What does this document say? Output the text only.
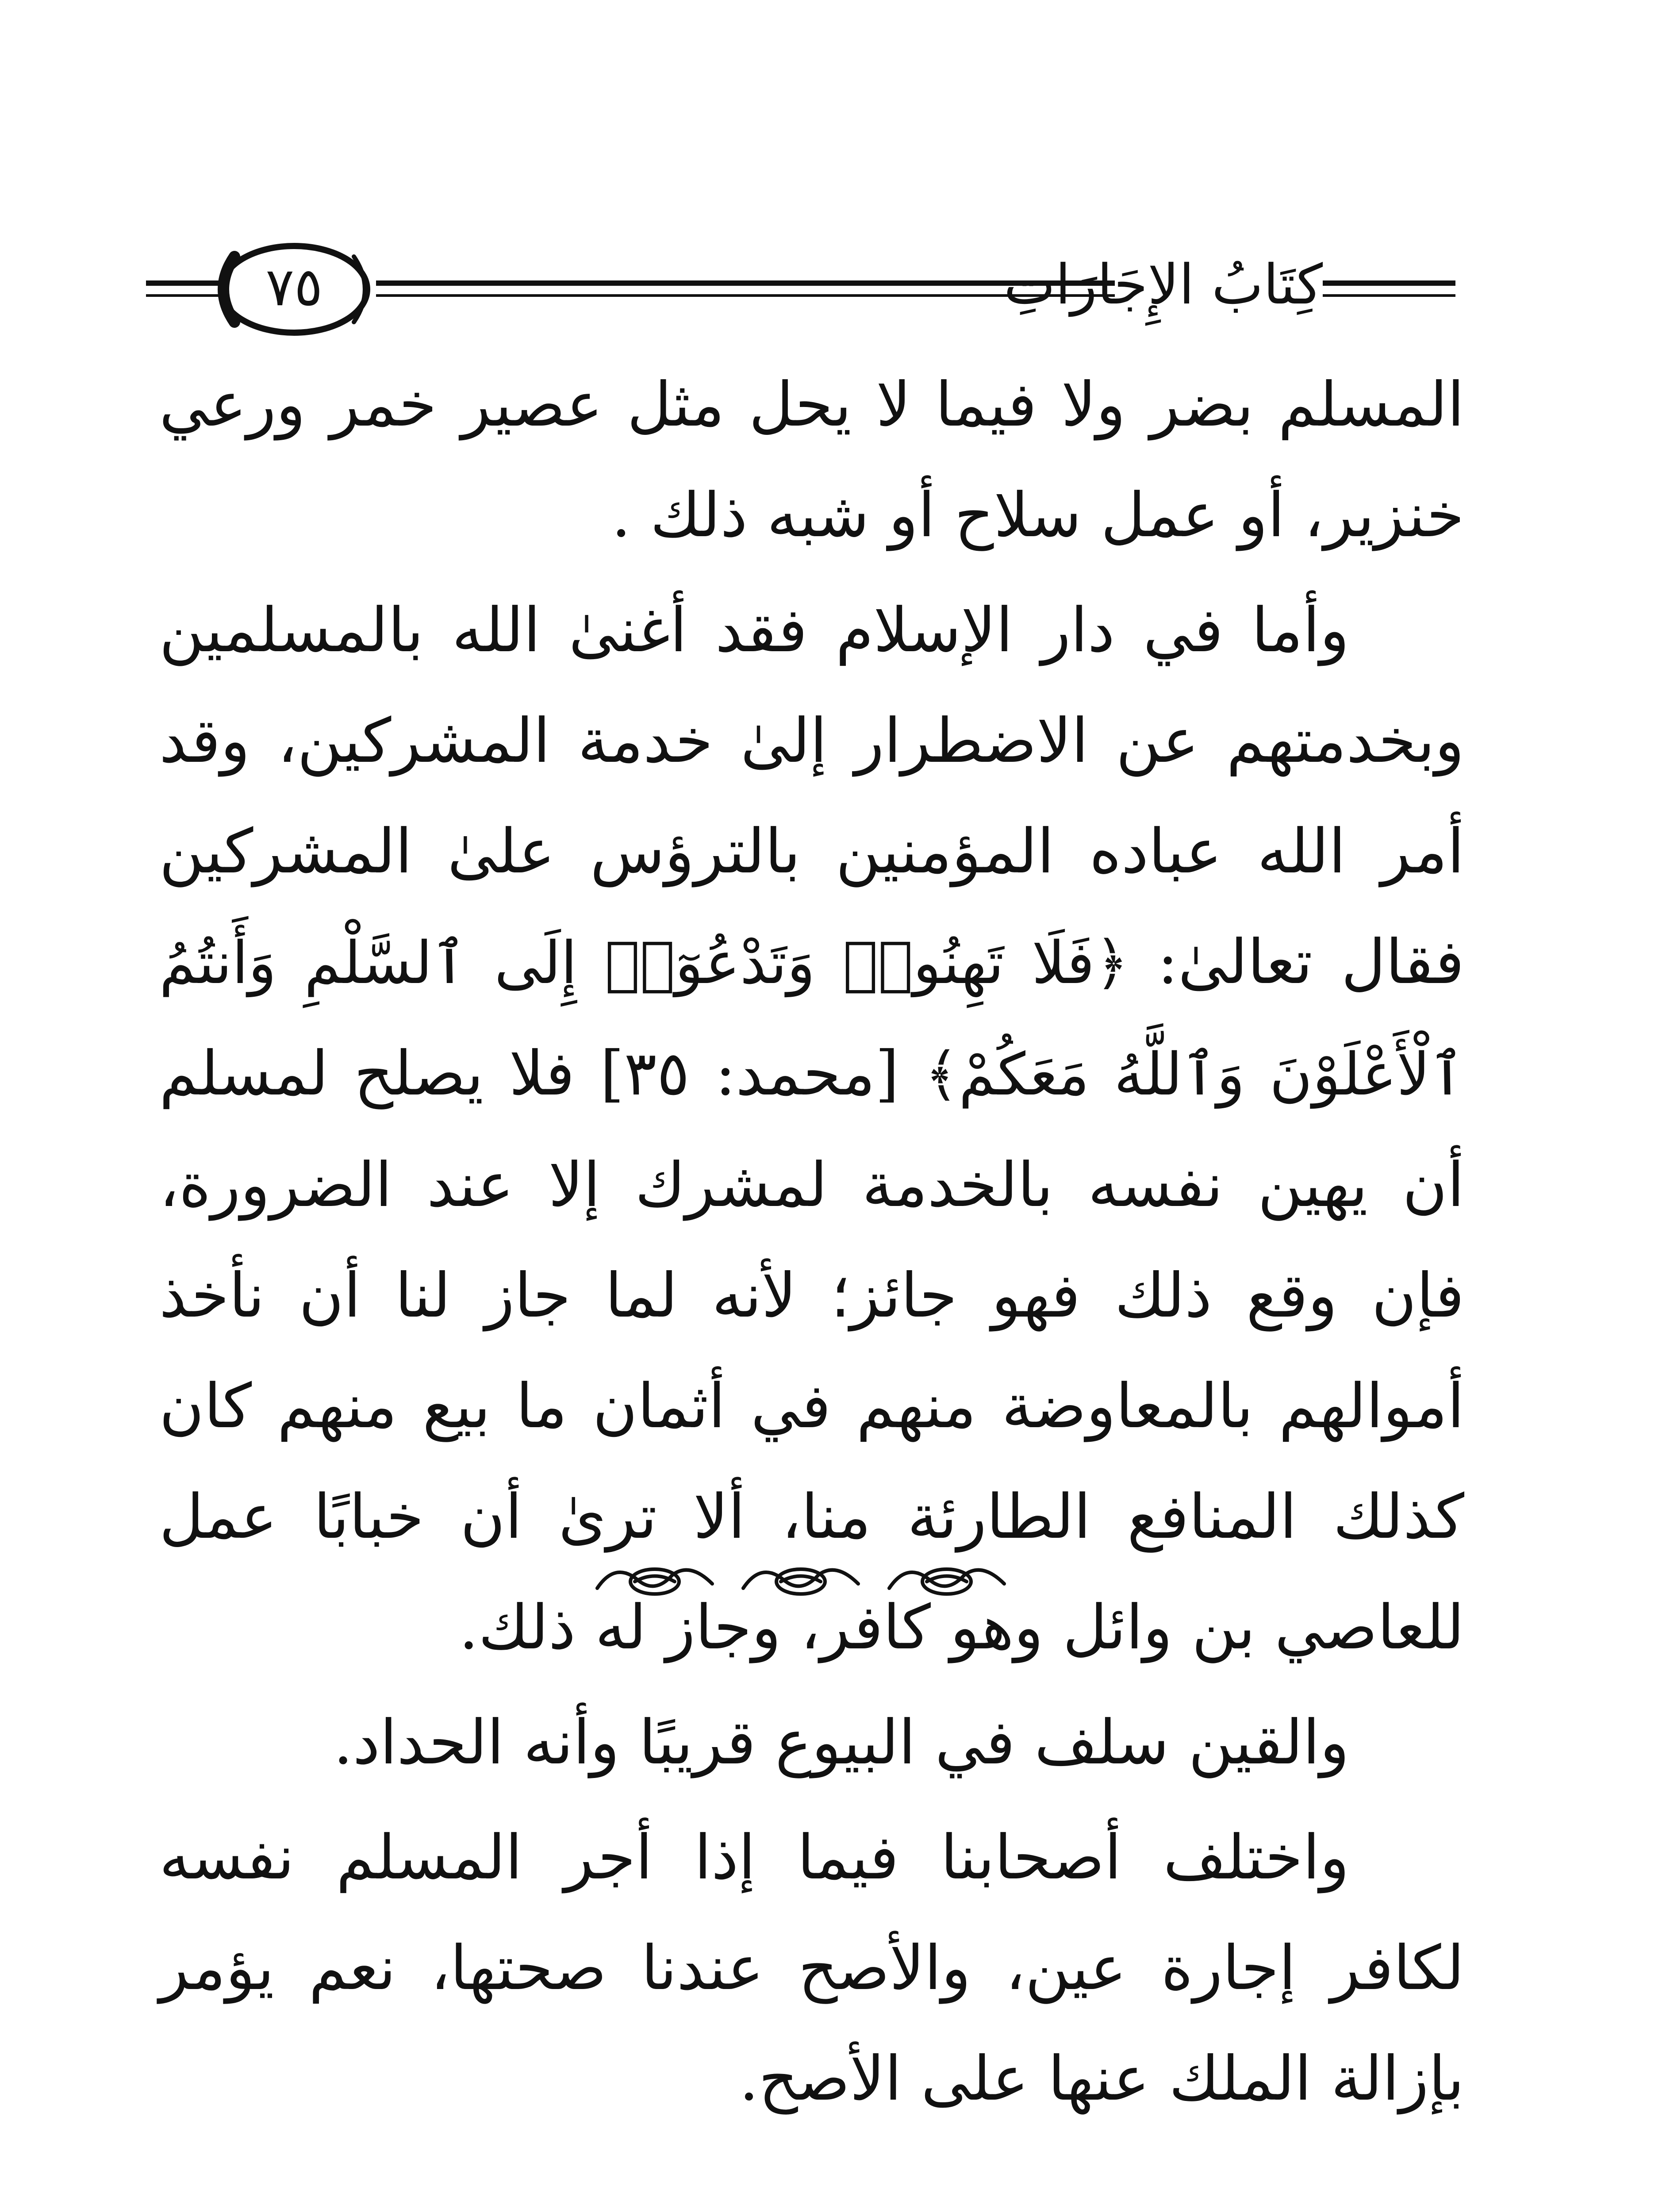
٧٥	كِتَابُ الإِجَارَاتِ

المسلم بضر ولا فيما لا يحل مثل عصير خمر ورعي خنزير، أو عمل سلاح أو شبه ذلك .

وأما في دار الإسلام فقد أغنىٰ الله بالمسلمين وبخدمتهم عن الاضطرار إلىٰ خدمة المشركين، وقد أمر الله عباده المؤمنين بالترؤس علىٰ المشركين فقال تعالىٰ: ﴿فَلَا تَهِنُوا۟ وَتَدْعُوٓا۟ إِلَى ٱلسَّلْمِ وَأَنتُمُ ٱلْأَعْلَوْنَ وَٱللَّهُ مَعَكُمْ﴾ [محمد: ٣٥] فلا يصلح لمسلم أن يهين نفسه بالخدمة لمشرك إلا عند الضرورة، فإن وقع ذلك فهو جائز؛ لأنه لما جاز لنا أن نأخذ أموالهم بالمعاوضة منهم في أثمان ما بيع منهم كان كذلك المنافع الطارئة منا، ألا ترىٰ أن خبابًا عمل للعاصي بن وائل وهو كافر، وجاز له ذلك.

والقين سلف في البيوع قريبًا وأنه الحداد.

واختلف أصحابنا فيما إذا أجر المسلم نفسه لكافر إجارة عين، والأصح عندنا صحتها، نعم يؤمر بإزالة الملك عنها على الأصح.
